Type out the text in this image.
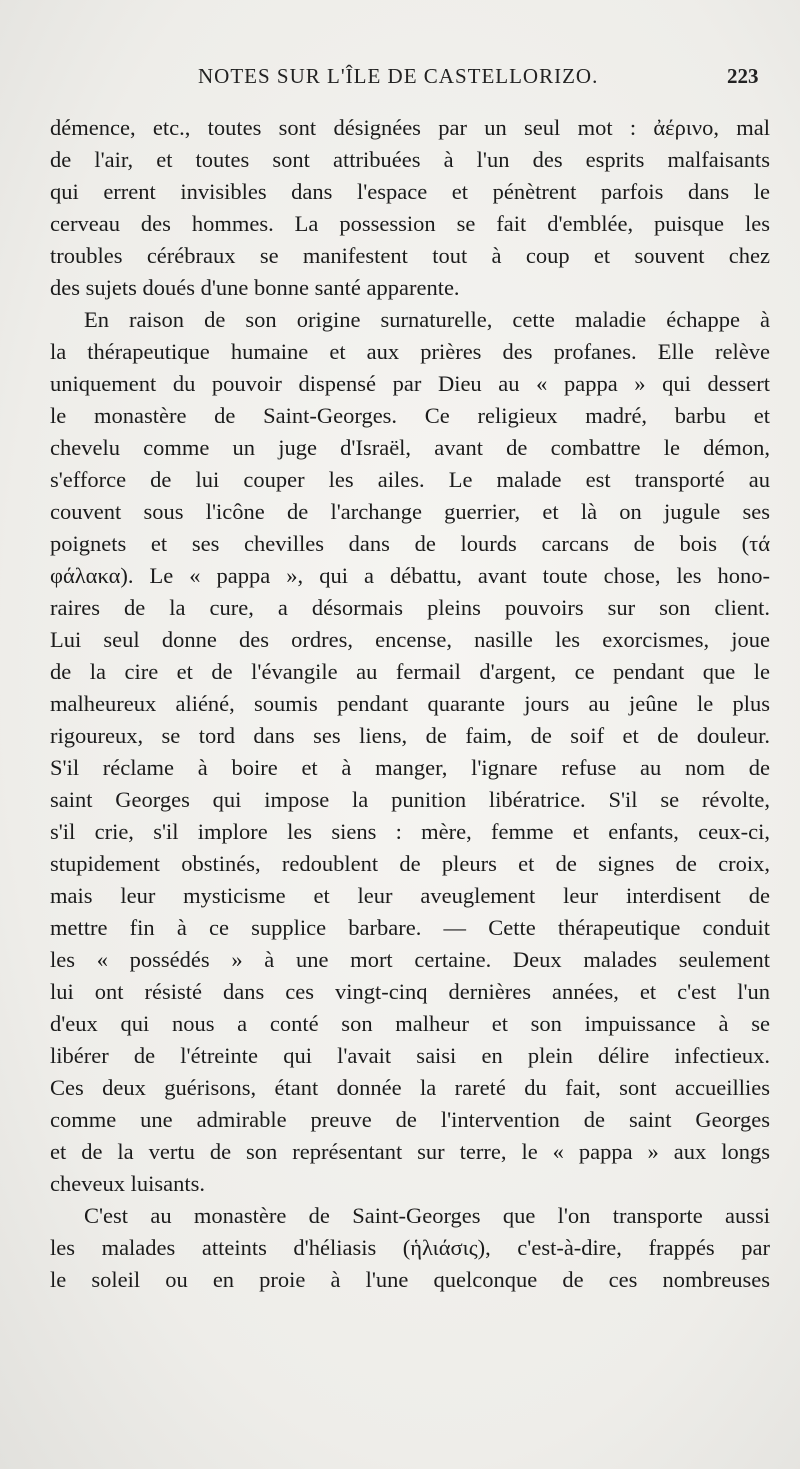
NOTES SUR L'ÎLE DE CASTELLORIZO.	223
démence, etc., toutes sont désignées par un seul mot : ἀέρινο, mal
de l'air, et toutes sont attribuées à l'un des esprits malfaisants
qui errent invisibles dans l'espace et pénètrent parfois dans le
cerveau des hommes. La possession se fait d'emblée, puisque les
troubles cérébraux se manifestent tout à coup et souvent chez
des sujets doués d'une bonne santé apparente.
En raison de son origine surnaturelle, cette maladie échappe à
la thérapeutique humaine et aux prières des profanes. Elle relève
uniquement du pouvoir dispensé par Dieu au « pappa » qui dessert
le monastère de Saint-Georges. Ce religieux madré, barbu et
chevelu comme un juge d'Israël, avant de combattre le démon,
s'efforce de lui couper les ailes. Le malade est transporté au
couvent sous l'icône de l'archange guerrier, et là on jugule ses
poignets et ses chevilles dans de lourds carcans de bois (τά
φάλακα). Le « pappa », qui a débattu, avant toute chose, les hono-
raires de la cure, a désormais pleins pouvoirs sur son client.
Lui seul donne des ordres, encense, nasille les exorcismes, joue
de la cire et de l'évangile au fermail d'argent, ce pendant que le
malheureux aliéné, soumis pendant quarante jours au jeûne le plus
rigoureux, se tord dans ses liens, de faim, de soif et de douleur.
S'il réclame à boire et à manger, l'ignare refuse au nom de
saint Georges qui impose la punition libératrice. S'il se révolte,
s'il crie, s'il implore les siens : mère, femme et enfants, ceux-ci,
stupidement obstinés, redoublent de pleurs et de signes de croix,
mais leur mysticisme et leur aveuglement leur interdisent de
mettre fin à ce supplice barbare. — Cette thérapeutique conduit
les « possédés » à une mort certaine. Deux malades seulement
lui ont résisté dans ces vingt-cinq dernières années, et c'est l'un
d'eux qui nous a conté son malheur et son impuissance à se
libérer de l'étreinte qui l'avait saisi en plein délire infectieux.
Ces deux guérisons, étant donnée la rareté du fait, sont accueillies
comme une admirable preuve de l'intervention de saint Georges
et de la vertu de son représentant sur terre, le « pappa » aux longs
cheveux luisants.
C'est au monastère de Saint-Georges que l'on transporte aussi
les malades atteints d'héliasis (ἡλιάσις), c'est-à-dire, frappés par
le soleil ou en proie à l'une quelconque de ces nombreuses
